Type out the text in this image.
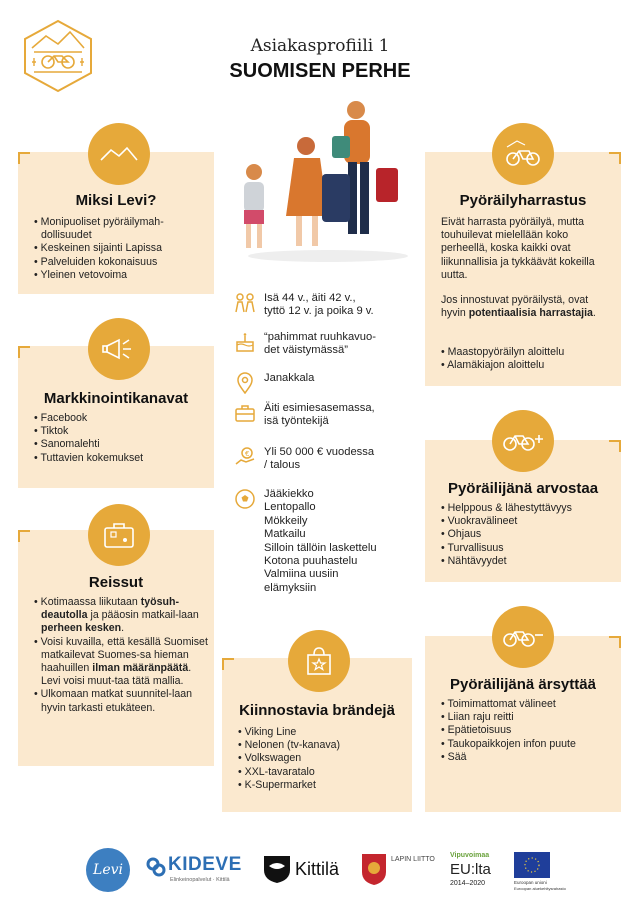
Asiakasprofiili 1
SUOMISEN PERHE
Isä 44 v., äiti 42 v.,
tyttö 12 v. ja poika 9 v.
“pahimmat ruuhkavuo-
det väistymässä”
Janakkala
Äiti esimiesasemassa,
isä työntekijä
€ Yli 50 000 € vuodessa
/ talous
Jääkiekko
Lentopallo
Mökkeily
Matkailu
Silloin tällöin laskettelu
Kotona puuhastelu
Valmiina uusiin
elämyksiin
Miksi Levi?
• Monipuoliset pyöräilymah-dollisuudet
• Keskeinen sijainti Lapissa
• Palveluiden kokonaisuus
• Yleinen vetovoima
Markkinointikanavat
• Facebook
• Tiktok
• Sanomalehti
• Tuttavien kokemukset
Reissut
• Kotimaassa liikutaan työsuh-deautolla ja pääosin matkail-laan perheen kesken.
• Voisi kuvailla, että kesällä Suomiset matkailevat Suomes-sa hieman haahuillen ilman määränpäätä. Levi voisi muut-taa tätä mallia.
• Ulkomaan matkat suunnitel-laan hyvin tarkasti etukäteen.	Kiinnostavia brändejä
• Viking Line
• Nelonen (tv-kanava)
• Volkswagen
• XXL-tavaratalo
• K-Supermarket
Pyöräilyharrastus

Eivät harrasta pyöräilyä, mutta touhuilevat mielellään koko perheellä, koska kaikki ovat liikunnallisia ja tykkäävät kokeilla uutta.

Jos innostuvat pyöräilystä, ovat hyvin potentiaalisia harrastajia.

• Maastopyöräilyn aloittelu
• Alamäkiajon aloittelu
Pyöräilijänä arvostaa
• Helppous & lähestyttävyys
• Vuokravälineet
• Ohjaus
• Turvallisuus
• Nähtävyydet
Pyöräilijänä ärsyttää
• Toimimattomat välineet
• Liian raju reitti
• Epätietoisuus
• Taukopaikkojen infon puute
• Sää
Levi KIDEVE
Elinkeinopalvelut · Kittilä
Kittilä	LAPIN LIITTO
Vipuvoimaa
EU:lta
2014–2020	Euroopan unioni
Euroopan aluekehitysrahasto
